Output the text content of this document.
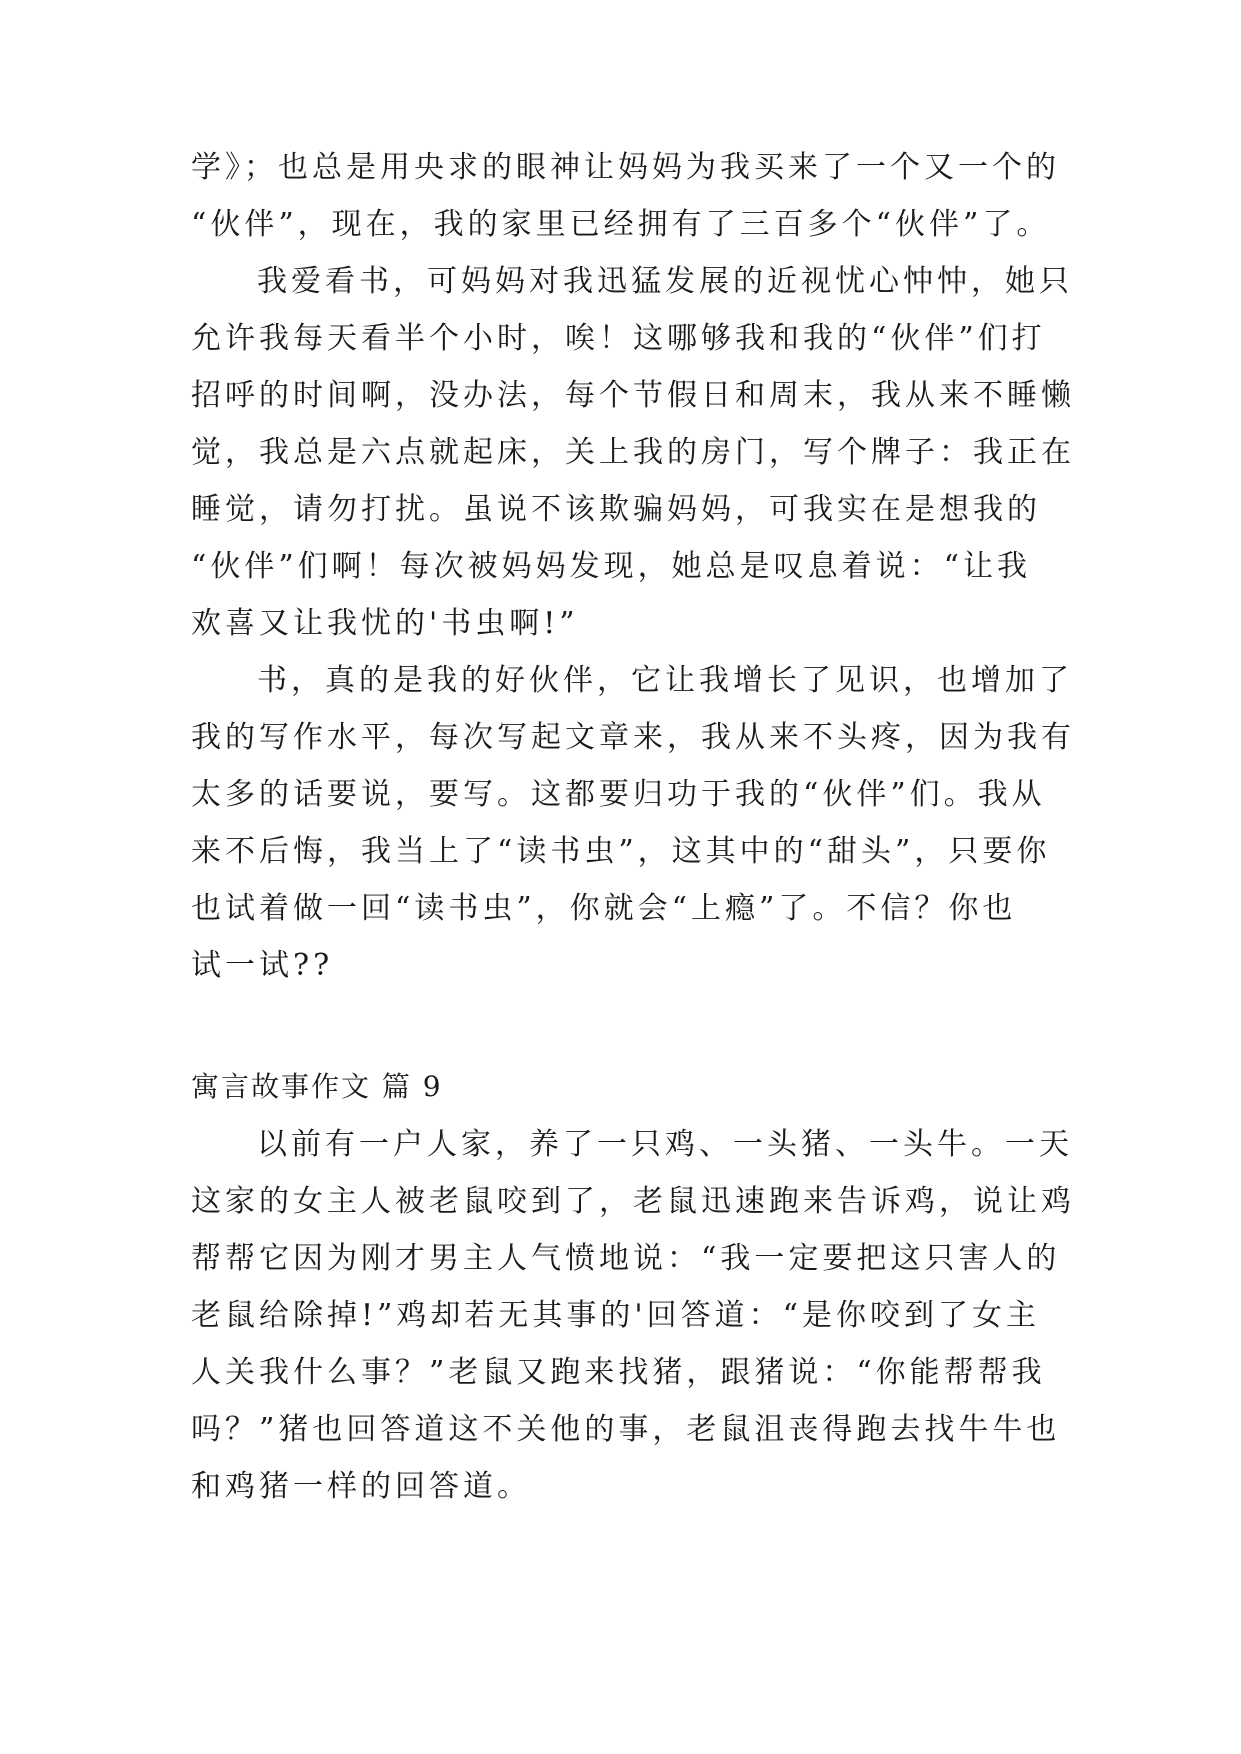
学》；也总是用央求的眼神让妈妈为我买来了一个又一个的
“伙伴”，现在，我的家里已经拥有了三百多个“伙伴”了。
我爱看书，可妈妈对我迅猛发展的近视忧心忡忡，她只
允许我每天看半个小时，唉！这哪够我和我的“伙伴”们打
招呼的时间啊，没办法，每个节假日和周末，我从来不睡懒
觉，我总是六点就起床，关上我的房门，写个牌子：我正在
睡觉，请勿打扰。虽说不该欺骗妈妈，可我实在是想我的
“伙伴”们啊！每次被妈妈发现，她总是叹息着说：“让我
欢喜又让我忧的'书虫啊!”
书，真的是我的好伙伴，它让我增长了见识，也增加了
我的写作水平，每次写起文章来，我从来不头疼，因为我有
太多的话要说，要写。这都要归功于我的“伙伴”们。我从
来不后悔，我当上了“读书虫”，这其中的“甜头”，只要你
也试着做一回“读书虫”，你就会“上瘾”了。不信？你也
试一试??
寓言故事作文 篇 9
以前有一户人家，养了一只鸡、一头猪、一头牛。一天
这家的女主人被老鼠咬到了，老鼠迅速跑来告诉鸡，说让鸡
帮帮它因为刚才男主人气愤地说：“我一定要把这只害人的
老鼠给除掉!”鸡却若无其事的'回答道：“是你咬到了女主
人关我什么事？”老鼠又跑来找猪，跟猪说：“你能帮帮我
吗？”猪也回答道这不关他的事，老鼠沮丧得跑去找牛牛也
和鸡猪一样的回答道。
